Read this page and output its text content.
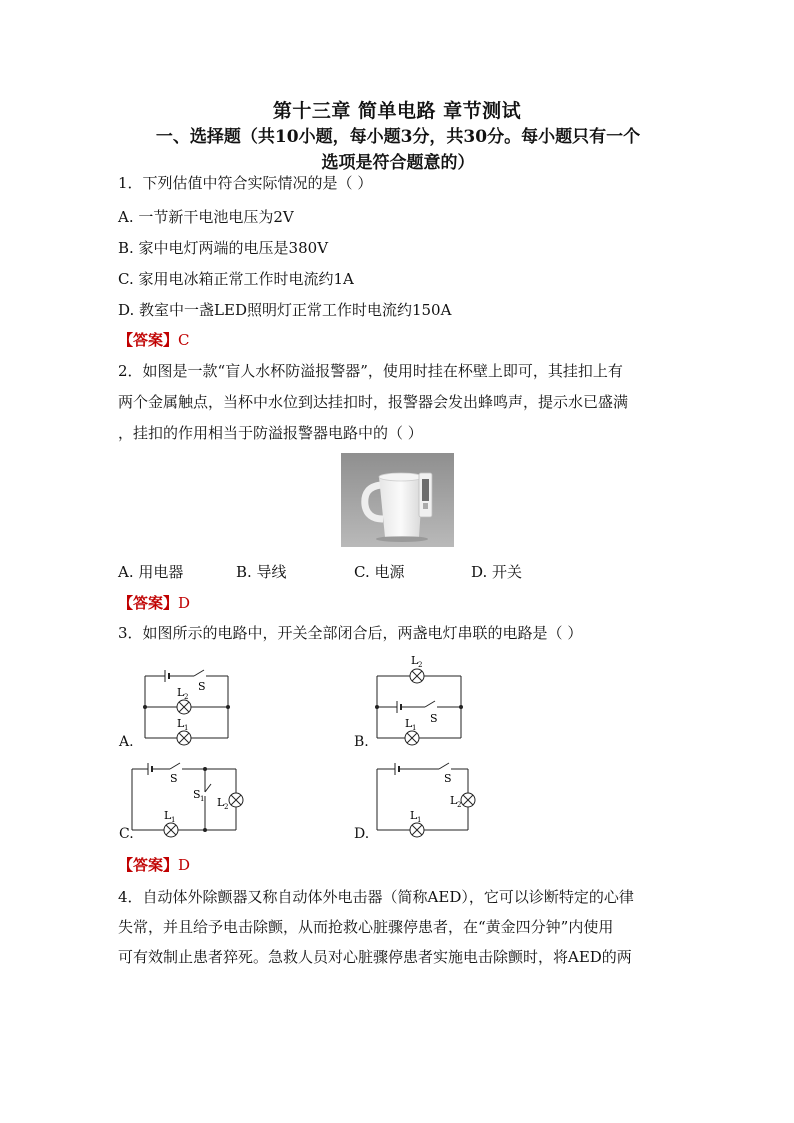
第十三章 简单电路 章节测试
一、选择题（共10小题，每小题3分，共30分。每小题只有一个
选项是符合题意的）
1．下列估值中符合实际情况的是（ ）
A. 一节新干电池电压为2V
B. 家中电灯两端的电压是380V
C. 家用电冰箱正常工作时电流约1A
D. 教室中一盏LED照明灯正常工作时电流约150A
【答案】C
2．如图是一款“盲人水杯防溢报警器”，使用时挂在杯壁上即可，其挂扣上有
两个金属触点，当杯中水位到达挂扣时，报警器会发出蜂鸣声，提示水已盛满
，挂扣的作用相当于防溢报警器电路中的（ ）
A. 用电器	B. 导线	C. 电源	D. 开关
【答案】D
3．如图所示的电路中，开关全部闭合后，两盏电灯串联的电路是（ ）
S
L 2
L 1
A.
L 2
S
L 1
B.
S
S 1 L 2
L 1
C.
S
L 2
L 1
D.
【答案】D
4．自动体外除颤器又称自动体外电击器（简称AED），它可以诊断特定的心律
失常，并且给予电击除颤，从而抢救心脏骤停患者，在“黄金四分钟”内使用
可有效制止患者猝死。急救人员对心脏骤停患者实施电击除颤时，将AED的两
